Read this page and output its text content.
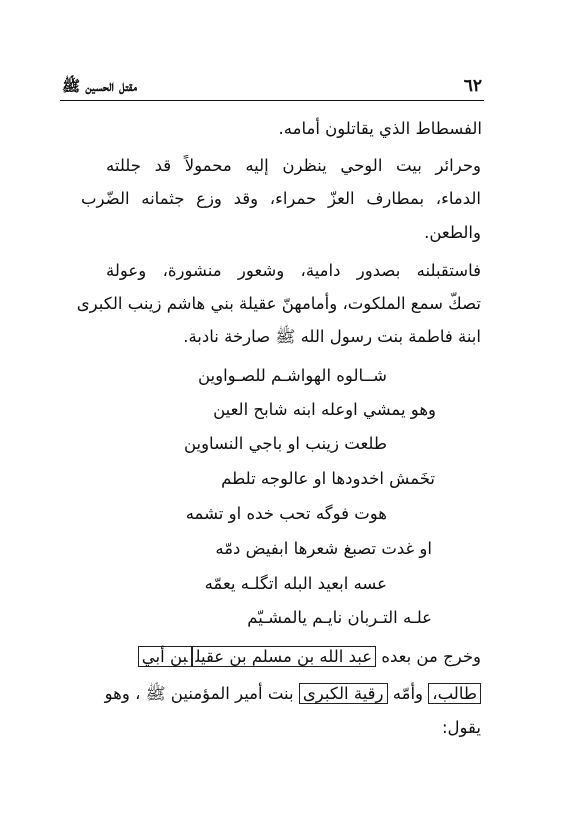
٦٢
مقتل الحسين ﷺ
الفسطاط الذي يقاتلون أمامه.
وحرائر بيت الوحي ينظرن إليه محمولاً قد جللته
الدماء، بمطارف العزّ حمراء، وقد وزع جثمانه الضّرب
والطعن.
فاستقبلنه بصدور دامية، وشعور منشورة، وعولة
تصكّ سمع الملكوت، وأمامهنّ عقيلة بني هاشم زينب الكبرى
ابنة فاطمة بنت رسول الله ﷺ صارخة نادبة.
شــالوه الهواشـم للصـواوين
وهو يمشي اوعله ابنه شابح العين
طلعت زينب او باجي النساوين
تخَمش اخدودها او عالوجه تلطم
هوت فوگه تحب خده او تشمه
او غدت تصبغ شعرها ابفيض دمّه
عسه ابعيد البله اتگلـه يعمّه
علـه التـربان نايـم يالمشـيّم
وخرج من بعده عبد الله بن مسلم بن عقيلبن أبي
طالب، وأمّه رقية الكبرى بنت أمير المؤمنين ﷺ ، وهو
يقول:
